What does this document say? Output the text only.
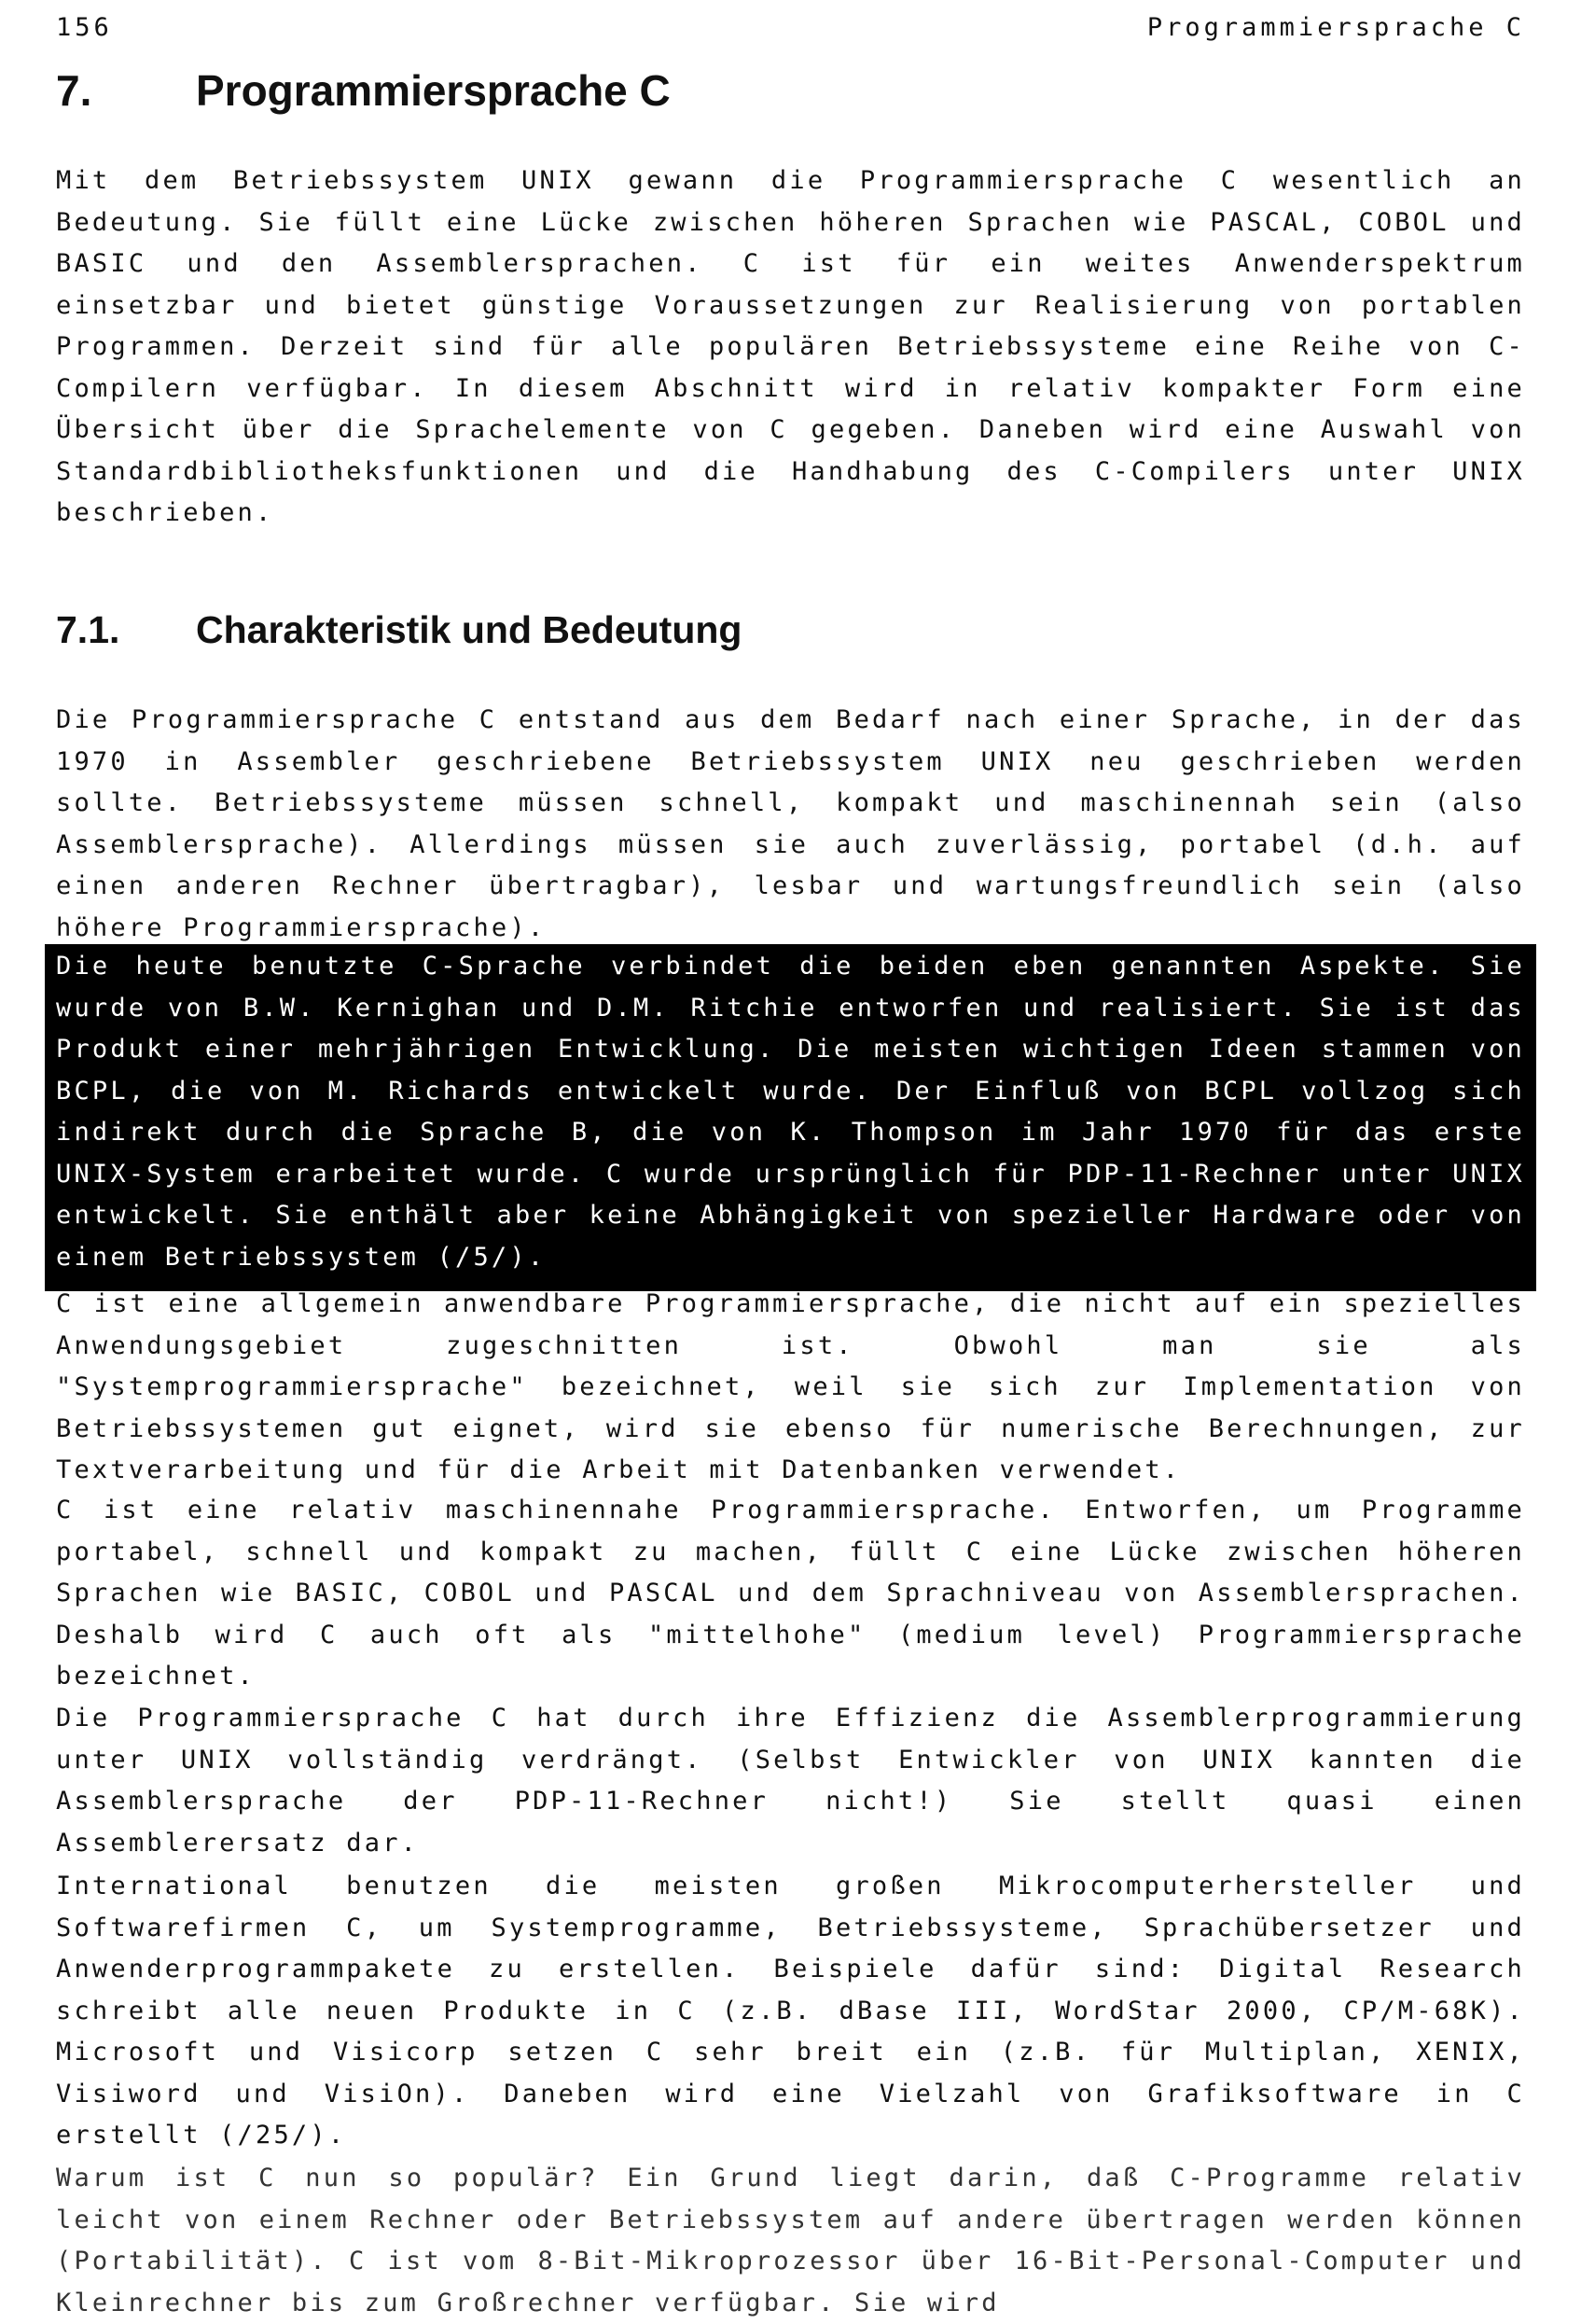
156	Programmiersprache C
7. Programmiersprache C

Mit dem Betriebssystem UNIX gewann die Programmiersprache C wesentlich an Bedeutung. Sie füllt eine Lücke zwischen höheren Sprachen wie PASCAL, COBOL und BASIC und den Assemblersprachen. C ist für ein weites Anwenderspektrum einsetzbar und bietet günstige Voraussetzungen zur Realisierung von portablen Programmen. Derzeit sind für alle populären Betriebssysteme eine Reihe von C-Compilern verfügbar. In diesem Abschnitt wird in relativ kompakter Form eine Übersicht über die Sprachelemente von C gegeben. Daneben wird eine Auswahl von Standardbibliotheksfunktionen und die Handhabung des C-Compilers unter UNIX beschrieben.

7.1. Charakteristik und Bedeutung

Die Programmiersprache C entstand aus dem Bedarf nach einer Sprache, in der das 1970 in Assembler geschriebene Betriebssystem UNIX neu geschrieben werden sollte. Betriebssysteme müssen schnell, kompakt und maschinennah sein (also Assemblersprache). Allerdings müssen sie auch zuverlässig, portabel (d.h. auf einen anderen Rechner übertragbar), lesbar und wartungsfreundlich sein (also höhere Programmiersprache).

Die heute benutzte C-Sprache verbindet die beiden eben genannten Aspekte. Sie wurde von B.W. Kernighan und D.M. Ritchie entworfen und realisiert. Sie ist das Produkt einer mehrjährigen Entwicklung. Die meisten wichtigen Ideen stammen von BCPL, die von M. Richards entwickelt wurde. Der Einfluß von BCPL vollzog sich indirekt durch die Sprache B, die von K. Thompson im Jahr 1970 für das erste UNIX-System erarbeitet wurde. C wurde ursprünglich für PDP-11-Rechner unter UNIX entwickelt. Sie enthält aber keine Abhängigkeit von spezieller Hardware oder von einem Betriebssystem (/5/).

C ist eine allgemein anwendbare Programmiersprache, die nicht auf ein spezielles Anwendungsgebiet zugeschnitten ist. Obwohl man sie als "Systemprogrammiersprache" bezeichnet, weil sie sich zur Implementation von Betriebssystemen gut eignet, wird sie ebenso für numerische Berechnungen, zur Textverarbeitung und für die Arbeit mit Datenbanken verwendet.

C ist eine relativ maschinennahe Programmiersprache. Entworfen, um Programme portabel, schnell und kompakt zu machen, füllt C eine Lücke zwischen höheren Sprachen wie BASIC, COBOL und PASCAL und dem Sprachniveau von Assemblersprachen. Deshalb wird C auch oft als "mittelhohe" (medium level) Programmiersprache bezeichnet.

Die Programmiersprache C hat durch ihre Effizienz die Assemblerprogrammierung unter UNIX vollständig verdrängt. (Selbst Entwickler von UNIX kannten die Assemblersprache der PDP-11-Rechner nicht!) Sie stellt quasi einen Assemblerersatz dar.

International benutzen die meisten großen Mikrocomputerhersteller und Softwarefirmen C, um Systemprogramme, Betriebssysteme, Sprachübersetzer und Anwenderprogrammpakete zu erstellen. Beispiele dafür sind: Digital Research schreibt alle neuen Produkte in C (z.B. dBase III, WordStar 2000, CP/M-68K). Microsoft und Visicorp setzen C sehr breit ein (z.B. für Multiplan, XENIX, Visiword und VisiOn). Daneben wird eine Vielzahl von Grafiksoftware in C erstellt (/25/).

Warum ist C nun so populär? Ein Grund liegt darin, daß C-Programme relativ leicht von einem Rechner oder Betriebssystem auf andere übertragen werden können (Portabilität). C ist vom 8-Bit-Mikroprozessor über 16-Bit-Personal-Computer und Kleinrechner bis zum Großrechner verfügbar. Sie wird
